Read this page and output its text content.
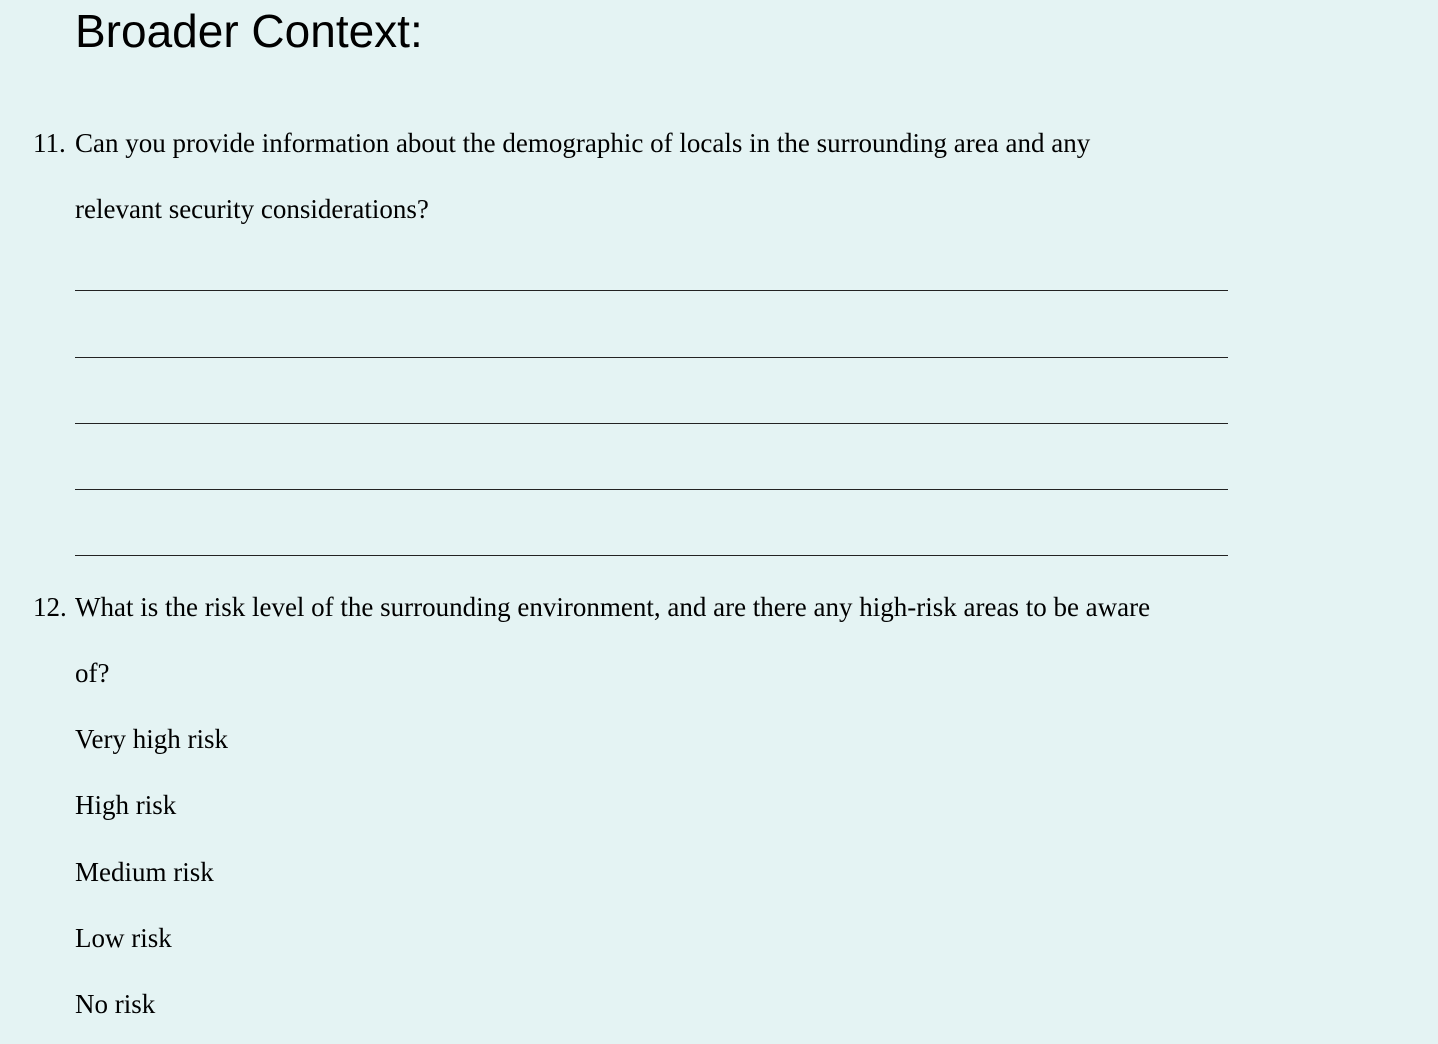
Broader Context:
11. Can you provide information about the demographic of locals in the surrounding area and any
relevant security considerations?
12. What is the risk level of the surrounding environment, and are there any high-risk areas to be aware
of?
Very high risk
High risk
Medium risk
Low risk
No risk
